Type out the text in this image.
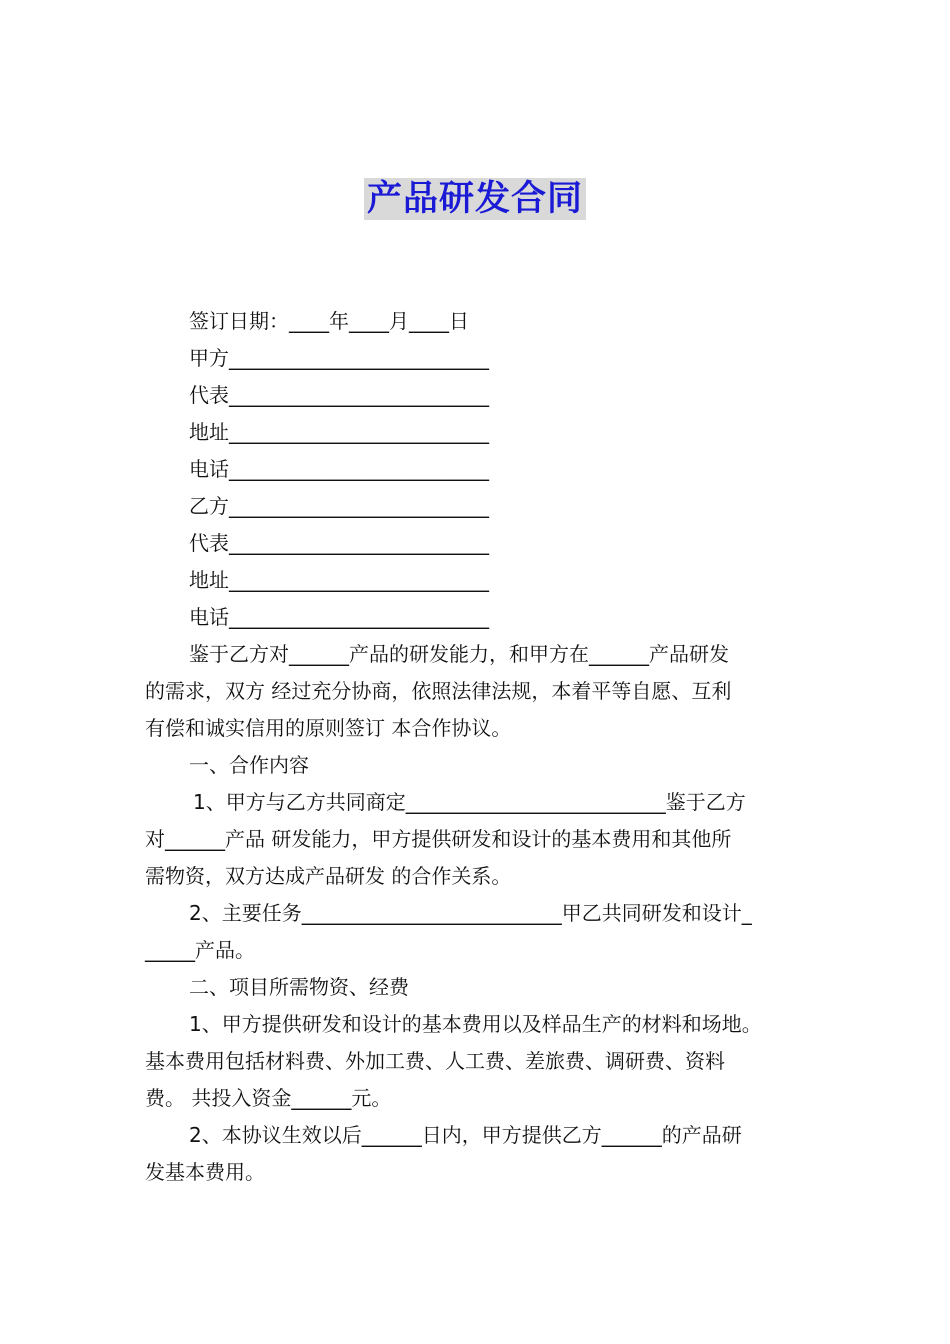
产品研发合同
签订日期：____年____月____日
甲方__________________________
代表__________________________
地址__________________________
电话__________________________
乙方__________________________
代表__________________________
地址__________________________
电话__________________________
鉴于乙方对______产品的研发能力，和甲方在______产品研发
的需求，双方 经过充分协商，依照法律法规，本着平等自愿、互利
有偿和诚实信用的原则签订 本合作协议。
一、合作内容
1、甲方与乙方共同商定__________________________鉴于乙方
对______产品 研发能力，甲方提供研发和设计的基本费用和其他所
需物资，双方达成产品研发 的合作关系。
2、主要任务__________________________甲乙共同研发和设计_
_____产品。
二、项目所需物资、经费
1、甲方提供研发和设计的基本费用以及样品生产的材料和场地。
基本费用包括材料费、外加工费、人工费、差旅费、调研费、资料
费。 共投入资金______元。
2、本协议生效以后______日内，甲方提供乙方______的产品研
发基本费用。
